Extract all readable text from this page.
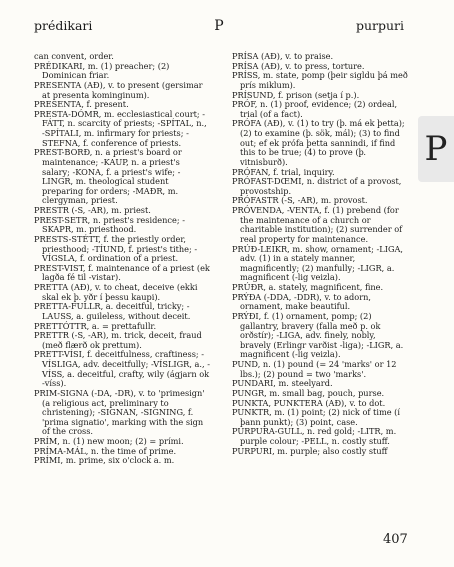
prédikari	P	purpuri

can convent, order.

PRÉDIKARI, m. (1) preacher; (2) Dominican friar.

PRESENTA (AÐ), v. to present (gersimar at presenta kominginum).

PRESENTA, f. present.

PRESTA-DÓMR, m. ecclesiastical court; -FÁTT, n. scarcity of priests; -SPÍTAL, n., -SPÍTALI, m. infirmary for priests; -STEFNA, f. conference of priests.

PREST-BORÐ, n. a priest's board or maintenance; -KAUP, n. a priest's salary; -KONA, f. a priest's wife; -LINGR, m. theological student preparing for orders; -MAÐR, m. clergyman, priest.

PRESTR (-S, -AR), m. priest.

PREST-SETR, n. priest's residence; -SKAPR, m. priesthood.

PRESTS-STÉTT, f. the priestly order, priesthood; -TÍUND, f. priest's tithe; -VÍGSLA, f. ordination of a priest.

PREST-VIST, f. maintenance of a priest (ek lagða fé til -vistar).

PRETTA (AÐ), v. to cheat, deceive (ekki skal ek þ. yðr í þessu kaupi).

PRETTA-FULLR, a. deceitful, tricky; -LAUSS, a. guileless, without deceit.

PRETTÓTTR, a. = prettafullr.

PRETTR (-S, -AR), m. trick, deceit, fraud (með flærð ok prettum).

PRETT-VÍSI, f. deceitfulness, craftiness; -VÍSLIGA, adv. deceitfully; -VÍSLIGR, a., -VÍSS, a. deceitful, crafty, wily (ágjarn ok -víss).

PRIM-SIGNA (-DA, -DR), v. to 'primesign' (a religious act, preliminary to christening); -SIGNAN, -SIGNING, f. 'prima signatio', marking with the sign of the cross.

PRÍM, n. (1) new moon; (2) = prími.

PRÍMA-MÁL, n. the time of prime.

PRÍMI, m. prime, six o'clock a. m.

PRÍSA (AÐ), v. to praise.

PRÍSA (AÐ), v. to press, torture.

PRÍSS, m. state, pomp (þeir sigldu þá með prís miklum).

PRÍSUND, f. prison (setja í p.).

PRÓF, n. (1) proof, evidence; (2) ordeal, trial (of a fact).

PRÓFA (AÐ), v. (1) to try (þ. má ek þetta); (2) to examine (þ. sök, mál); (3) to find out; ef ek prófa þetta sannindi, if find this to be true; (4) to prove (þ. vitnisburð).

PRÓFAN, f. trial, inquiry.

PRÓFAST-DŒMI, n. district of a provost, provostship.

PRÓFASTR (-S, -AR), m. provost.

PRÓVENDA, -VENTA, f. (1) prebend (for the maintenance of a church or charitable institution); (2) surrender of real property for maintenance.

PRÚÐ-LEIKR, m. show, ornament; -LIGA, adv. (1) in a stately manner, magnificently; (2) manfully; -LIGR, a. magnificent (-lig veizla).

PRÚÐR, a. stately, magnificent, fine.

PRÝÐA (-DDA, -DDR), v. to adorn, ornament, make beautiful.

PRÝÐI, f. (1) ornament, pomp; (2) gallantry, bravery (falla með p. ok orðstír); -LIGA, adv. finely, nobly, bravely (Erlingr varðist -liga); -LIGR, a. magnificent (-lig veizla).

PUND, n. (1) pound (= 24 'marks' or 12 lbs.); (2) pound = two 'marks'.

PUNDARI, m. steelyard.

PUNGR, m. small bag, pouch, purse.

PUNKTA, PUNKTERA (AÐ), v. to dot.

PUNKTR, m. (1) point; (2) nick of time (í þann punkt); (3) point, case.

PURPURA-GULL, n. red gold; -LITR, m. purple colour; -PELL, n. costly stuff.

PURPURI, m. purple; also costly stuff

P
407
